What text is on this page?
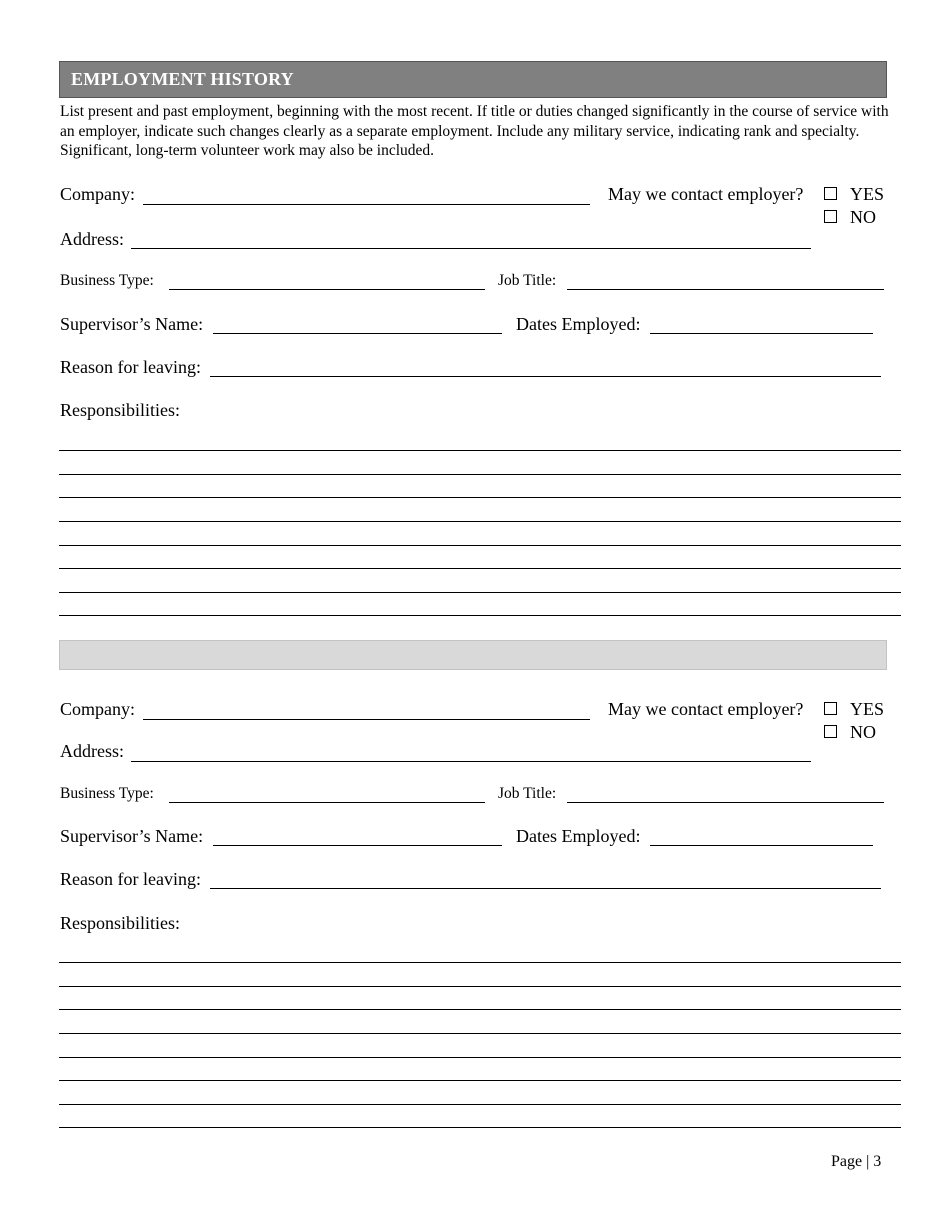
EMPLOYMENT HISTORY
List present and past employment, beginning with the most recent. If title or duties changed significantly in the course of service with an employer, indicate such changes clearly as a separate employment. Include any military service, indicating rank and specialty. Significant, long-term volunteer work may also be included.
Company:	May we contact employer?	YES
NO
Address:
Business Type:	Job Title:
Supervisor’s Name:	Dates Employed:
Reason for leaving:
Responsibilities:
Company:	May we contact employer?	YES
NO
Address:
Business Type:	Job Title:
Supervisor’s Name:	Dates Employed:
Reason for leaving:
Responsibilities:
Page | 3
